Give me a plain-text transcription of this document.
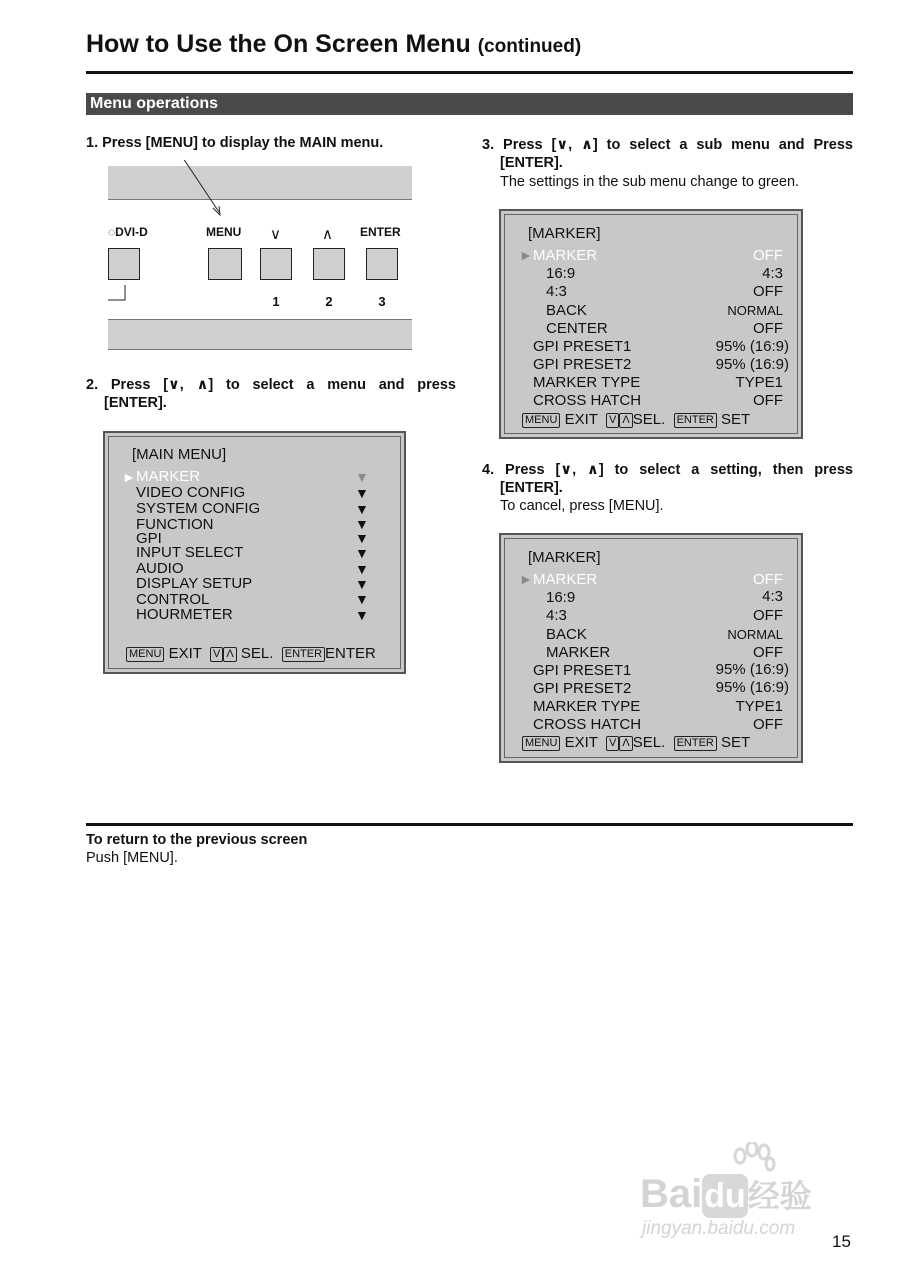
How to Use the On Screen Menu (continued)
Menu operations
1. Press [MENU] to display the MAIN menu.
◌DVI-D	MENU ∨	∧ ENTER
1	2	3
2. Press [∨, ∧] to select a menu and press
[ENTER].
[MAIN MENU]
► MARKER
VIDEO CONFIG
SYSTEM CONFIG
FUNCTION
GPI
INPUT SELECT
AUDIO
DISPLAY SETUP
CONTROL
HOURMETER
▼
▼
▼
▼
▼
▼
▼
▼
▼
▼
MENU EXIT V Λ SEL. ENTER ENTER
3. Press [∨, ∧] to select a sub menu and Press
[ENTER].
The settings in the sub menu change to green.
[MARKER]
► MARKER	OFF
16:9	4:3
4:3	OFF
BACK	NORMAL
CENTER	OFF
GPI PRESET1	95% (16:9)
GPI PRESET2	95% (16:9)
MARKER TYPE	TYPE1
CROSS HATCH	OFF
MENU EXIT V Λ SEL. ENTER SET
4. Press [∨, ∧] to select a setting, then press
[ENTER].
To cancel, press [MENU].
[MARKER]
► MARKER	OFF
16:9	4:3
4:3	OFF
BACK	NORMAL
MARKER	OFF
GPI PRESET1	95% (16:9)
GPI PRESET2	95% (16:9)
MARKER TYPE	TYPE1
CROSS HATCH	OFF
MENU EXIT V Λ SEL. ENTER SET
To return to the previous screen
Push [MENU].
Baidu经验
jingyan.baidu.com
15
